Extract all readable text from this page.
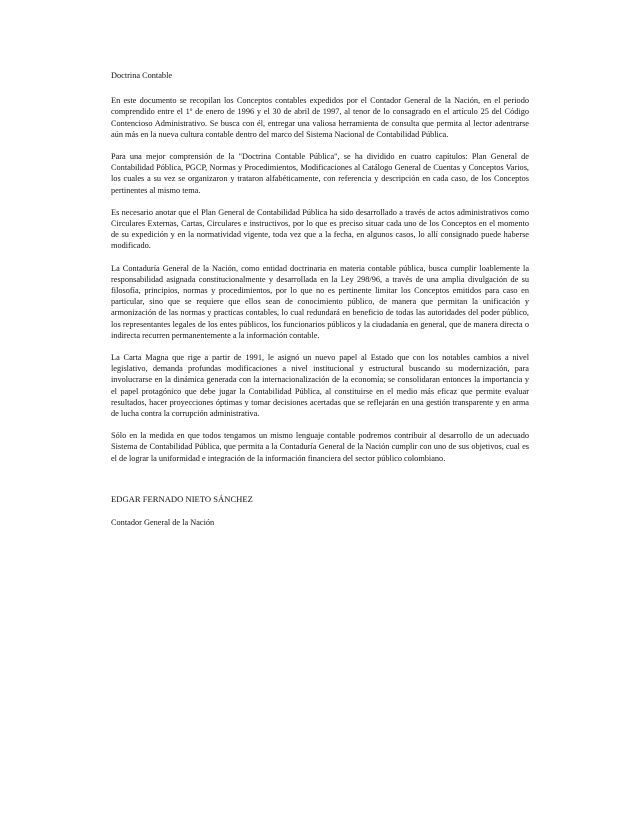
Doctrina Contable

En este documento se recopilan los Conceptos contables expedidos por el Contador General de la Nación, en el periodo comprendido entre el 1º de enero de 1996 y el 30 de abril de 1997, al tenor de lo consagrado en el artículo 25 del Código Contencioso Administrativo. Se busca con él, entregar una valiosa herramienta de consulta que permita al lector adentrarse aún más en la nueva cultura contable dentro del marco del Sistema Nacional de Contabilidad Pública.

Para una mejor comprensión de la "Doctrina Contable Pública", se ha dividido en cuatro capítulos: Plan General de Contabilidad Póblica, PGCP, Normas y Procedimientos, Modificaciones al Catálogo General de Cuentas y Conceptos Varios, los cuales a su vez se organizaron y trataron alfabéticamente, con referencia y descripción en cada caso, de los Conceptos pertinentes al mismo tema.

Es necesario anotar que el Plan General de Contabilidad Pública ha sido desarrollado a través de actos administrativos como Circulares Externas, Cartas, Circulares e instructivos, por lo que es preciso situar cada uno de los Conceptos en el momento de su expedición y en la normatividad vigente, toda vez que a la fecha, en algunos casos, lo allí consignado puede haberse modificado.

La Contaduría General de la Nación, como entidad doctrinaria en materia contable pública, busca cumplir loablemente la responsabilidad asignada constitucionalmente y desarrollada en la Ley 298/96, a través de una amplia divulgación de su filosofía, principios, normas y procedimientos, por lo que no es pertinente limitar los Conceptos emitidos para caso en particular, sino que se requiere que ellos sean de conocimiento público, de manera que permitan la unificación y armonización de las normas y practicas contables, lo cual redundará en beneficio de todas las autoridades del poder público, los representantes legales de los entes públicos, los funcionarios públicos y la ciudadanía en general, que de manera directa o indirecta recurren permanentemente a la información contable.

La Carta Magna que rige a partir de 1991, le asignó un nuevo papel al Estado que con los notables cambios a nivel legislativo, demanda profundas modificaciones a nivel institucional y estructural buscando su modernización, para involucrarse en la dinámica generada con la internacionalización de la economía; se consolidaran entonces la importancia y el papel protagónico que debe jugar la Contabilidad Pública, al constituirse en el medio más eficaz que permite evaluar resultados, hacer proyecciones óptimas y tomar decisiones acertadas que se reflejarán en una gestión transparente y en arma de lucha contra la corrupción administrativa.

Sólo en la medida en que todos tengamos un mismo lenguaje contable podremos contribuir al desarrollo de un adecuado Sistema de Contabilidad Pública, que permita a la Contaduría General de la Nación cumplir con uno de sus objetivos, cual es el de lograr la uniformidad e integración de la información financiera del sector público colombiano.

EDGAR FERNADO NIETO SÁNCHEZ

Contador General de la Nación
